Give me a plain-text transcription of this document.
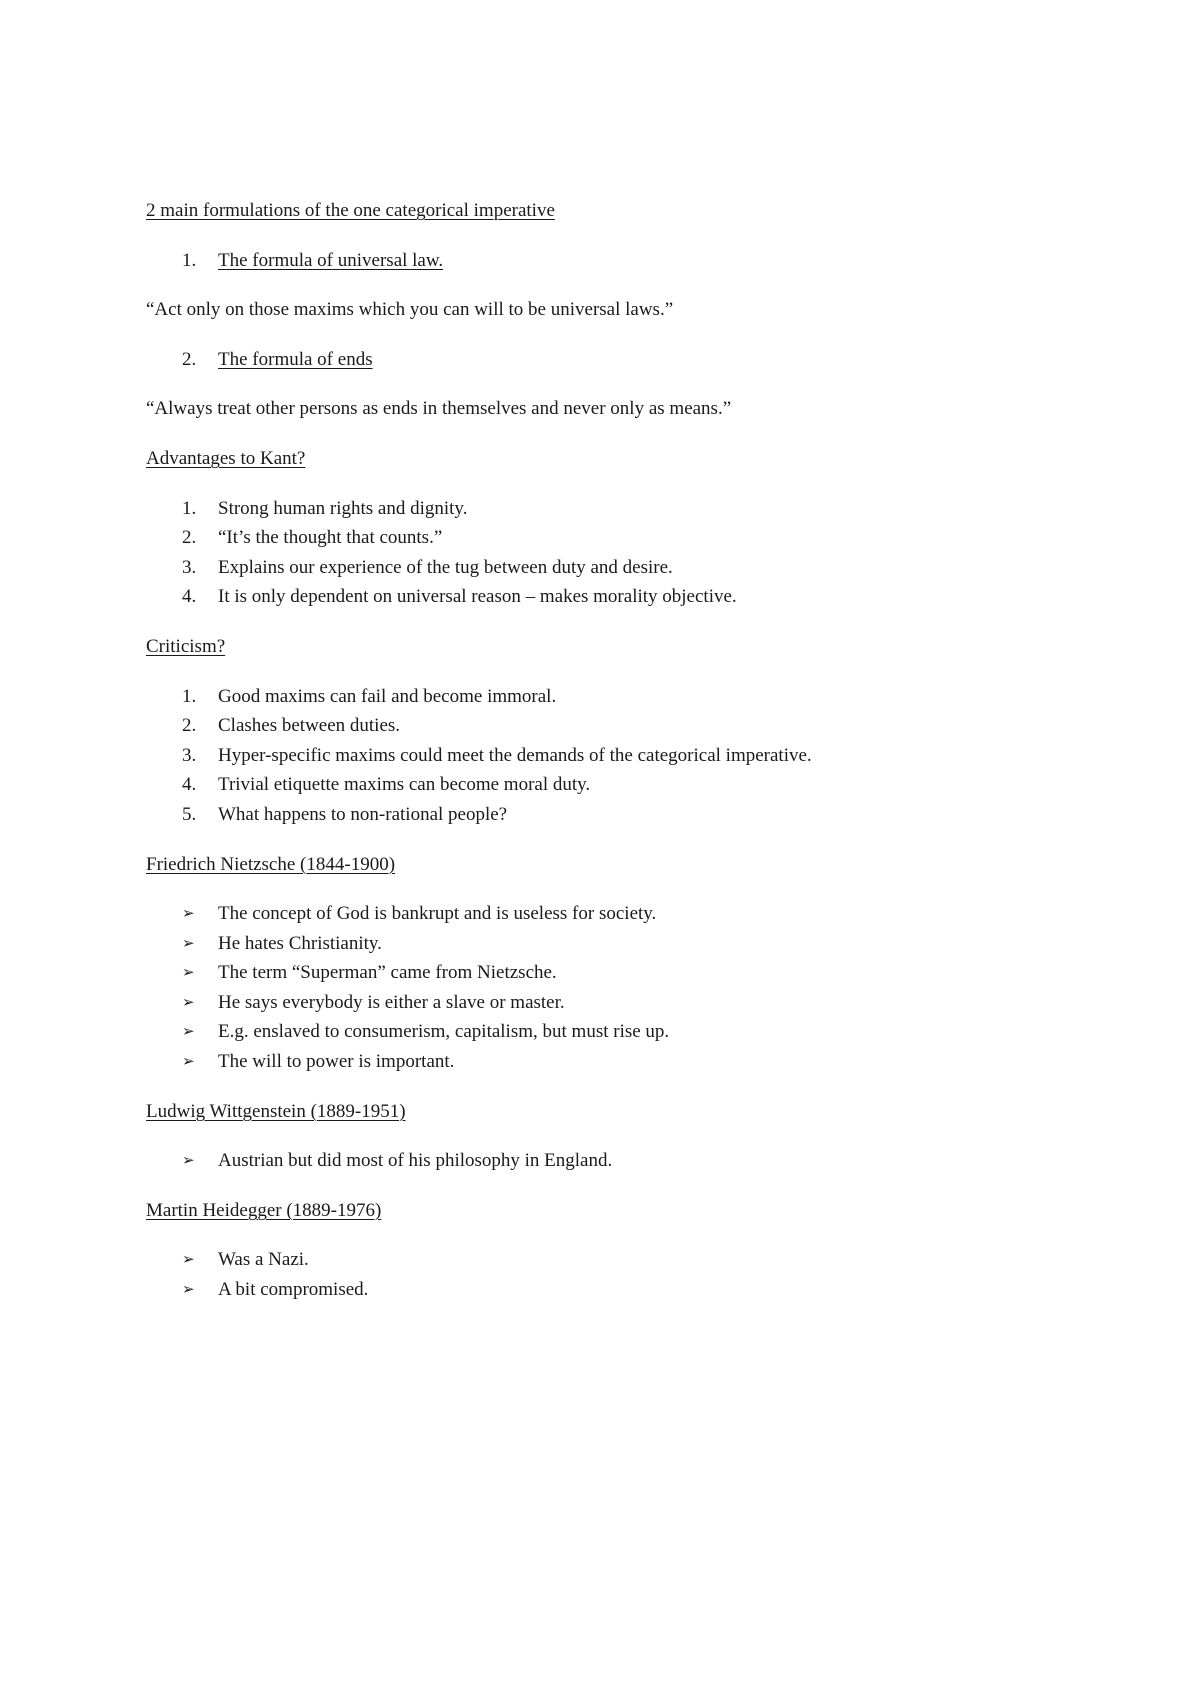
2 main formulations of the one categorical imperative
1.	The formula of universal law.
“Act only on those maxims which you can will to be universal laws.”
2.	The formula of ends
“Always treat other persons as ends in themselves and never only as means.”
Advantages to Kant?
1.	Strong human rights and dignity.
2.	“It’s the thought that counts.”
3.	Explains our experience of the tug between duty and desire.
4.	It is only dependent on universal reason – makes morality objective.
Criticism?
1.	Good maxims can fail and become immoral.
2.	Clashes between duties.
3.	Hyper-specific maxims could meet the demands of the categorical imperative.
4.	Trivial etiquette maxims can become moral duty.
5.	What happens to non-rational people?
Friedrich Nietzsche (1844-1900)
➢	The concept of God is bankrupt and is useless for society.
➢	He hates Christianity.
➢	The term “Superman” came from Nietzsche.
➢	He says everybody is either a slave or master.
➢	E.g. enslaved to consumerism, capitalism, but must rise up.
➢	The will to power is important.
Ludwig Wittgenstein (1889-1951)
➢	Austrian but did most of his philosophy in England.
Martin Heidegger (1889-1976)
➢	Was a Nazi.
➢	A bit compromised.
